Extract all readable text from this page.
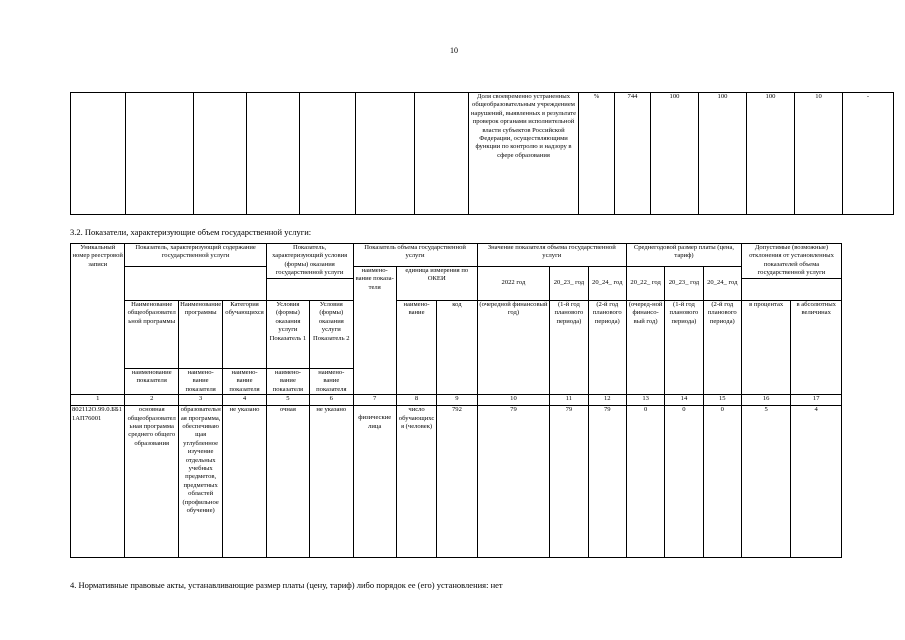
10
							Доля своевременно устраненных общеобразовательным учреждением нарушений, выявленных в результате проверок органами исполнительной власти субъектов Российской Федерации, осуществляющими функции по контролю и надзору в сфере образования	%	744	100	100	100	10	-
3.2. Показатели, характеризующие объем государственной услуги:
Уникальный номер реестровой записи	Показатель, характеризующий содержание государственной услуги			Показатель, характеризующий условия (формы) оказания государственной услуги		Показатель объема государственной услуги			Значение показателя объема государственной услуги			Среднегодовой размер платы (цена, тариф)			Допустимые (возможные) отклонения от установленных показателей объема государственной услуги	
						наимено-вание показа-теля	единица измерения по ОКЕИ		2022 год	20_23_ год	20_24_ год	20_22_ год	20_23_ год	20_24_ год		

	Наименование общеобразовательной программы	Наименование программы	Категория обучающихся	Условия (формы) оказания услуги Показатель 1	Условия (формы) оказания услуги Показатель 2		наимено-вание	код	(очередной финансовый год)	(1-й год планового периода)	(2-й год планового периода)	(очеред-ной финансо-вый год)	(1-й год планового периода)	(2-й год планового периода)	в процентах	в абсолютных величинах
	наименование показателя	наимено-вание показателя	наимено-вание показателя	наимено-вание показателя	наимено-вание показателя											
1	2	3	4	5	6	7	8	9	10	11	12	13	14	15	16	17
802112О.99.0.ББ11АП76001	основная общеобразовательная программа среднего общего образования	образовательная программа, обеспечивающая углубленное изучение отдельных учебных предметов, предметных областей (профильное обучение)	не указано	очная	не указано	физические лица	число обучающихся (человек)	792	79	79	79	0	0	0	5	4
4. Нормативные правовые акты, устанавливающие размер платы (цену, тариф) либо порядок ее (его) установления: нет
